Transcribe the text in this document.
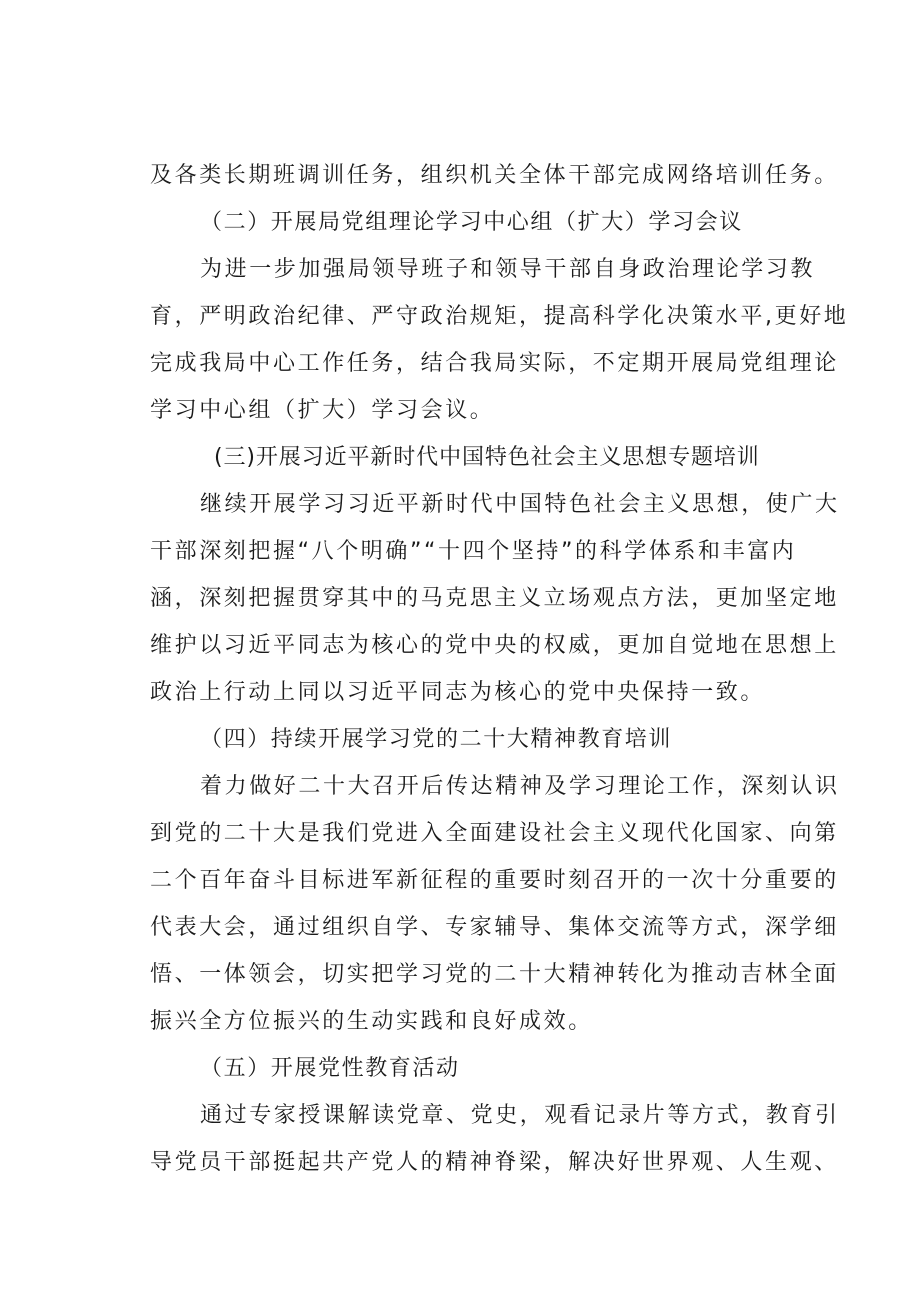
及各类长期班调训任务，组织机关全体干部完成网络培训任务。
（二）开展局党组理论学习中心组（扩大）学习会议
为进一步加强局领导班子和领导干部自身政治理论学习教
育，严明政治纪律、严守政治规矩，提高科学化决策水平,更好地
完成我局中心工作任务，结合我局实际，不定期开展局党组理论
学习中心组（扩大）学习会议。
(三)开展习近平新时代中国特色社会主义思想专题培训
继续开展学习习近平新时代中国特色社会主义思想，使广大
干部深刻把握“八个明确”“十四个坚持”的科学体系和丰富内
涵，深刻把握贯穿其中的马克思主义立场观点方法，更加坚定地
维护以习近平同志为核心的党中央的权威，更加自觉地在思想上
政治上行动上同以习近平同志为核心的党中央保持一致。
（四）持续开展学习党的二十大精神教育培训
着力做好二十大召开后传达精神及学习理论工作，深刻认识
到党的二十大是我们党进入全面建设社会主义现代化国家、向第
二个百年奋斗目标进军新征程的重要时刻召开的一次十分重要的
代表大会，通过组织自学、专家辅导、集体交流等方式，深学细
悟、一体领会，切实把学习党的二十大精神转化为推动吉林全面
振兴全方位振兴的生动实践和良好成效。
（五）开展党性教育活动
通过专家授课解读党章、党史，观看记录片等方式，教育引
导党员干部挺起共产党人的精神脊梁，解决好世界观、人生观、
